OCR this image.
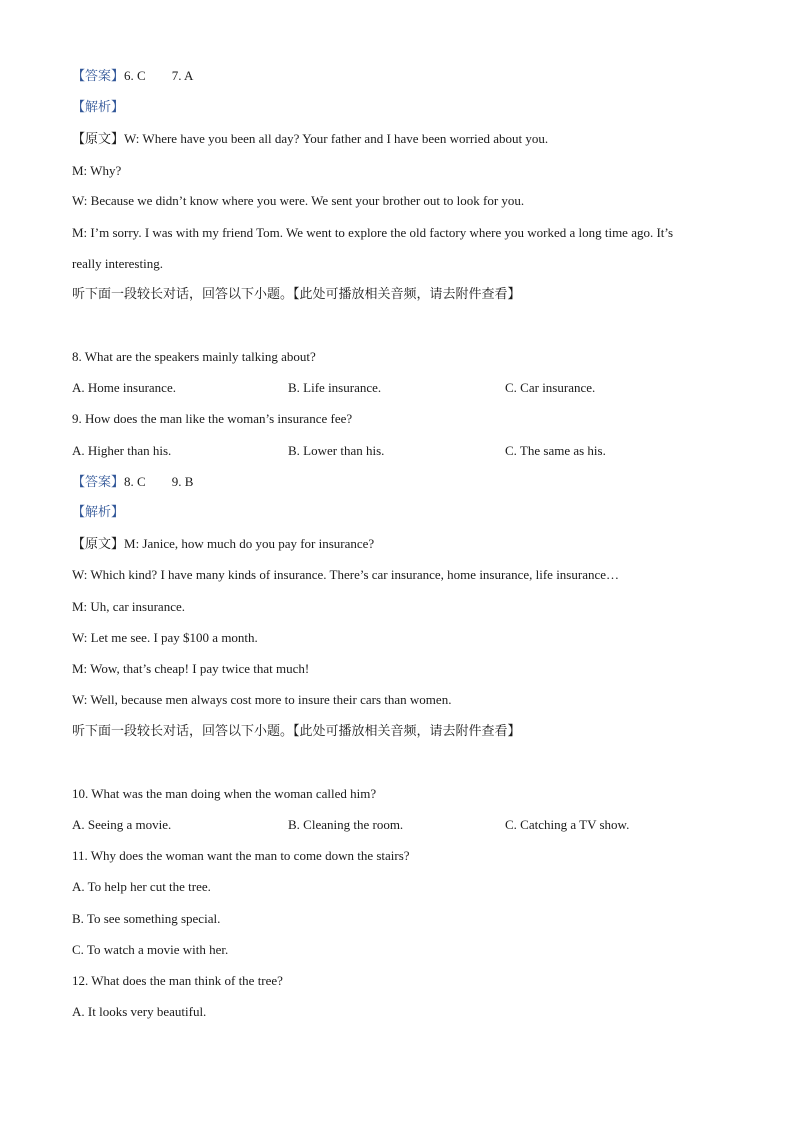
【答案】6. C 7. A
【解析】
【原文】W: Where have you been all day? Your father and I have been worried about you.
M: Why?
W: Because we didn’t know where you were. We sent your brother out to look for you.
M: I’m sorry. I was with my friend Tom. We went to explore the old factory where you worked a long time ago. It’s
really interesting.
听下面一段较长对话，回答以下小题。【此处可播放相关音频，请去附件查看】
8. What are the speakers mainly talking about?
A. Home insurance.	B. Life insurance.	C. Car insurance.
9. How does the man like the woman’s insurance fee?
A. Higher than his.	B. Lower than his.	C. The same as his.
【答案】8. C 9. B
【解析】
【原文】M: Janice, how much do you pay for insurance?
W: Which kind? I have many kinds of insurance. There’s car insurance, home insurance, life insurance…
M: Uh, car insurance.
W: Let me see. I pay $100 a month.
M: Wow, that’s cheap! I pay twice that much!
W: Well, because men always cost more to insure their cars than women.
听下面一段较长对话，回答以下小题。【此处可播放相关音频，请去附件查看】
10. What was the man doing when the woman called him?
A. Seeing a movie.	B. Cleaning the room.	C. Catching a TV show.
11. Why does the woman want the man to come down the stairs?
A. To help her cut the tree.
B. To see something special.
C. To watch a movie with her.
12. What does the man think of the tree?
A. It looks very beautiful.
